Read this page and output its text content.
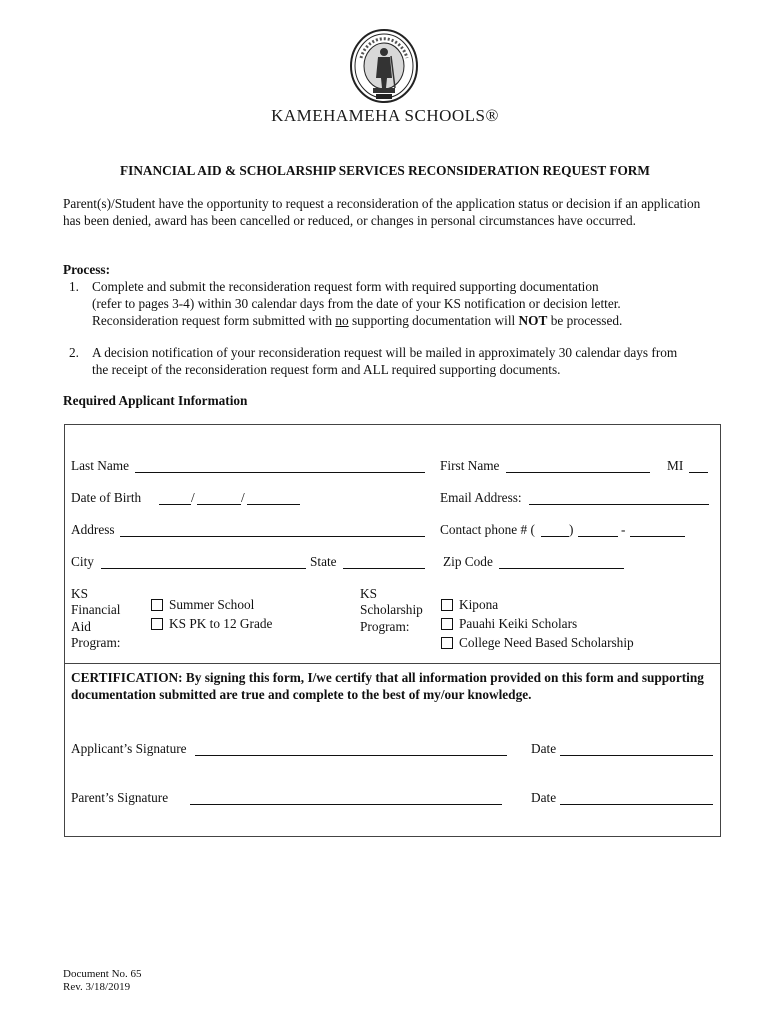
KAMEHAMEHA SCHOOLS®
FINANCIAL AID & SCHOLARSHIP SERVICES RECONSIDERATION REQUEST FORM
Parent(s)/Student have the opportunity to request a reconsideration of the application status or decision if an application has been denied, award has been cancelled or reduced, or changes in personal circumstances have occurred.
Process:
1. Complete and submit the reconsideration request form with required supporting documentation
(refer to pages 3-4) within 30 calendar days from the date of your KS notification or decision letter.
Reconsideration request form submitted with no supporting documentation will NOT be processed.
2. A decision notification of your reconsideration request will be mailed in approximately 30 calendar days from
the receipt of the reconsideration request form and ALL required supporting documents.
Required Applicant Information
Last Name	First Name	MI
Date of Birth	/	/	Email Address:
Address	Contact phone # (	)	-
City	State	Zip Code
KS
Financial
Aid
Program:
Summer School
KS PK to 12 Grade
KS
Scholarship
Program:
Kipona
Pauahi Keiki Scholars
College Need Based Scholarship
CERTIFICATION: By signing this form, I/we certify that all information provided on this form and supporting documentation submitted are true and complete to the best of my/our knowledge.
Applicant’s Signature	Date
Parent’s Signature	Date
Document No. 65
Rev. 3/18/2019
